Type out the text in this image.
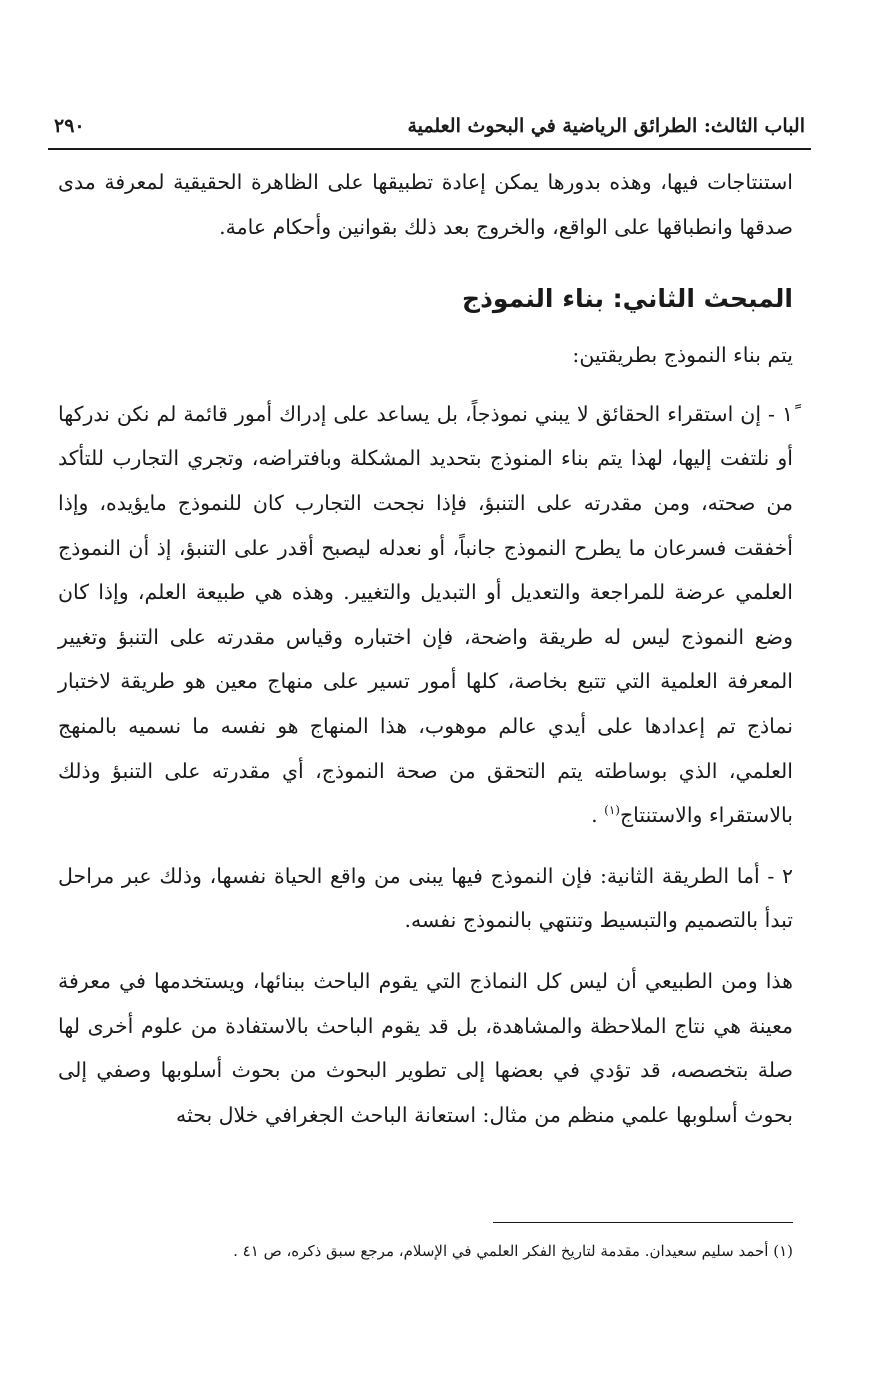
الباب الثالث: الطرائق الرياضية في البحوث العلمية
٢٩٠

استنتاجات فيها، وهذه بدورها يمكن إعادة تطبيقها على الظاهرة الحقيقية لمعرفة مدى صدقها وانطباقها على الواقع، والخروج بعد ذلك بقوانين وأحكام عامة.

المبحث الثاني: بناء النموذج

يتم بناء النموذج بطريقتين:

١ً - إن استقراء الحقائق لا يبني نموذجاً، بل يساعد على إدراك أمور قائمة لم نكن ندركها أو نلتفت إليها، لهذا يتم بناء المنوذج بتحديد المشكلة وبافتراضه، وتجري التجارب للتأكد من صحته، ومن مقدرته على التنبؤ، فإذا نجحت التجارب كان للنموذج مايؤيده، وإذا أخفقت فسرعان ما يطرح النموذج جانباً، أو نعدله ليصبح أقدر على التنبؤ، إذ أن النموذج العلمي عرضة للمراجعة والتعديل أو التبديل والتغيير. وهذه هي طبيعة العلم، وإذا كان وضع النموذج ليس له طريقة واضحة، فإن اختباره وقياس مقدرته على التنبؤ وتغيير المعرفة العلمية التي تتبع بخاصة، كلها أمور تسير على منهاج معين هو طريقة لاختبار نماذج تم إعدادها على أيدي عالم موهوب، هذا المنهاج هو نفسه ما نسميه بالمنهج العلمي، الذي بوساطته يتم التحقق من صحة النموذج، أي مقدرته على التنبؤ وذلك بالاستقراء والاستنتاج$^{(١)}$ .

٢ - أما الطريقة الثانية: فإن النموذج فيها يبنى من واقع الحياة نفسها، وذلك عبر مراحل تبدأ بالتصميم والتبسيط وتنتهي بالنموذج نفسه.

هذا ومن الطبيعي أن ليس كل النماذج التي يقوم الباحث ببنائها، ويستخدمها في معرفة معينة هي نتاج الملاحظة والمشاهدة، بل قد يقوم الباحث بالاستفادة من علوم أخرى لها صلة بتخصصه، قد تؤدي في بعضها إلى تطوير البحوث من بحوث أسلوبها وصفي إلى بحوث أسلوبها علمي منظم من مثال: استعانة الباحث الجغرافي خلال بحثه

(١) أحمد سليم سعيدان. مقدمة لتاريخ الفكر العلمي في الإسلام، مرجع سبق ذكره، ص ٤١ .
